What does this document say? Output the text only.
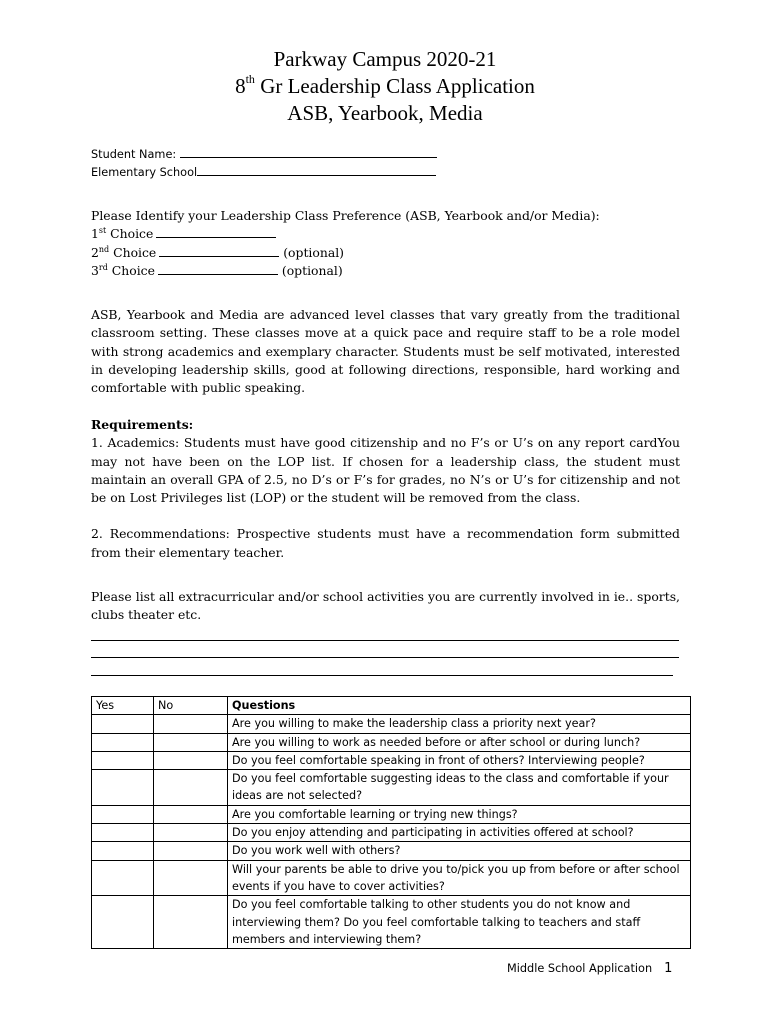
Parkway Campus 2020-21
8th Gr Leadership Class Application
ASB, Yearbook, Media
Student Name:
Elementary School
Please Identify your Leadership Class Preference (ASB, Yearbook and/or Media):
1st Choice
2nd Choice	(optional)
3rd Choice	(optional)
ASB, Yearbook and Media are advanced level classes that vary greatly from the traditional classroom setting. These classes move at a quick pace and require staff to be a role model with strong academics and exemplary character. Students must be self motivated, interested in developing leadership skills, good at following directions, responsible, hard working and comfortable with public speaking.
Requirements:
1. Academics: Students must have good citizenship and no F’s or U’s on any report cardYou may not have been on the LOP list. If chosen for a leadership class, the student must maintain an overall GPA of 2.5, no D’s or F’s for grades, no N’s or U’s for citizenship and not be on Lost Privileges list (LOP) or the student will be removed from the class.
2. Recommendations: Prospective students must have a recommendation form submitted from their elementary teacher.
Please list all extracurricular and/or school activities you are currently involved in ie.. sports, clubs theater etc.
Yes	No	Questions
		Are you willing to make the leadership class a priority next year?
		Are you willing to work as needed before or after school or during lunch?
		Do you feel comfortable speaking in front of others? Interviewing people?
		Do you feel comfortable suggesting ideas to the class and comfortable if your ideas are not selected?
		Are you comfortable learning or trying new things?
		Do you enjoy attending and participating in activities offered at school?
		Do you work well with others?
		Will your parents be able to drive you to/pick you up from before or after school events if you have to cover activities?
		Do you feel comfortable talking to other students you do not know and interviewing them? Do you feel comfortable talking to teachers and staff members and interviewing them?
Middle School Application 1
